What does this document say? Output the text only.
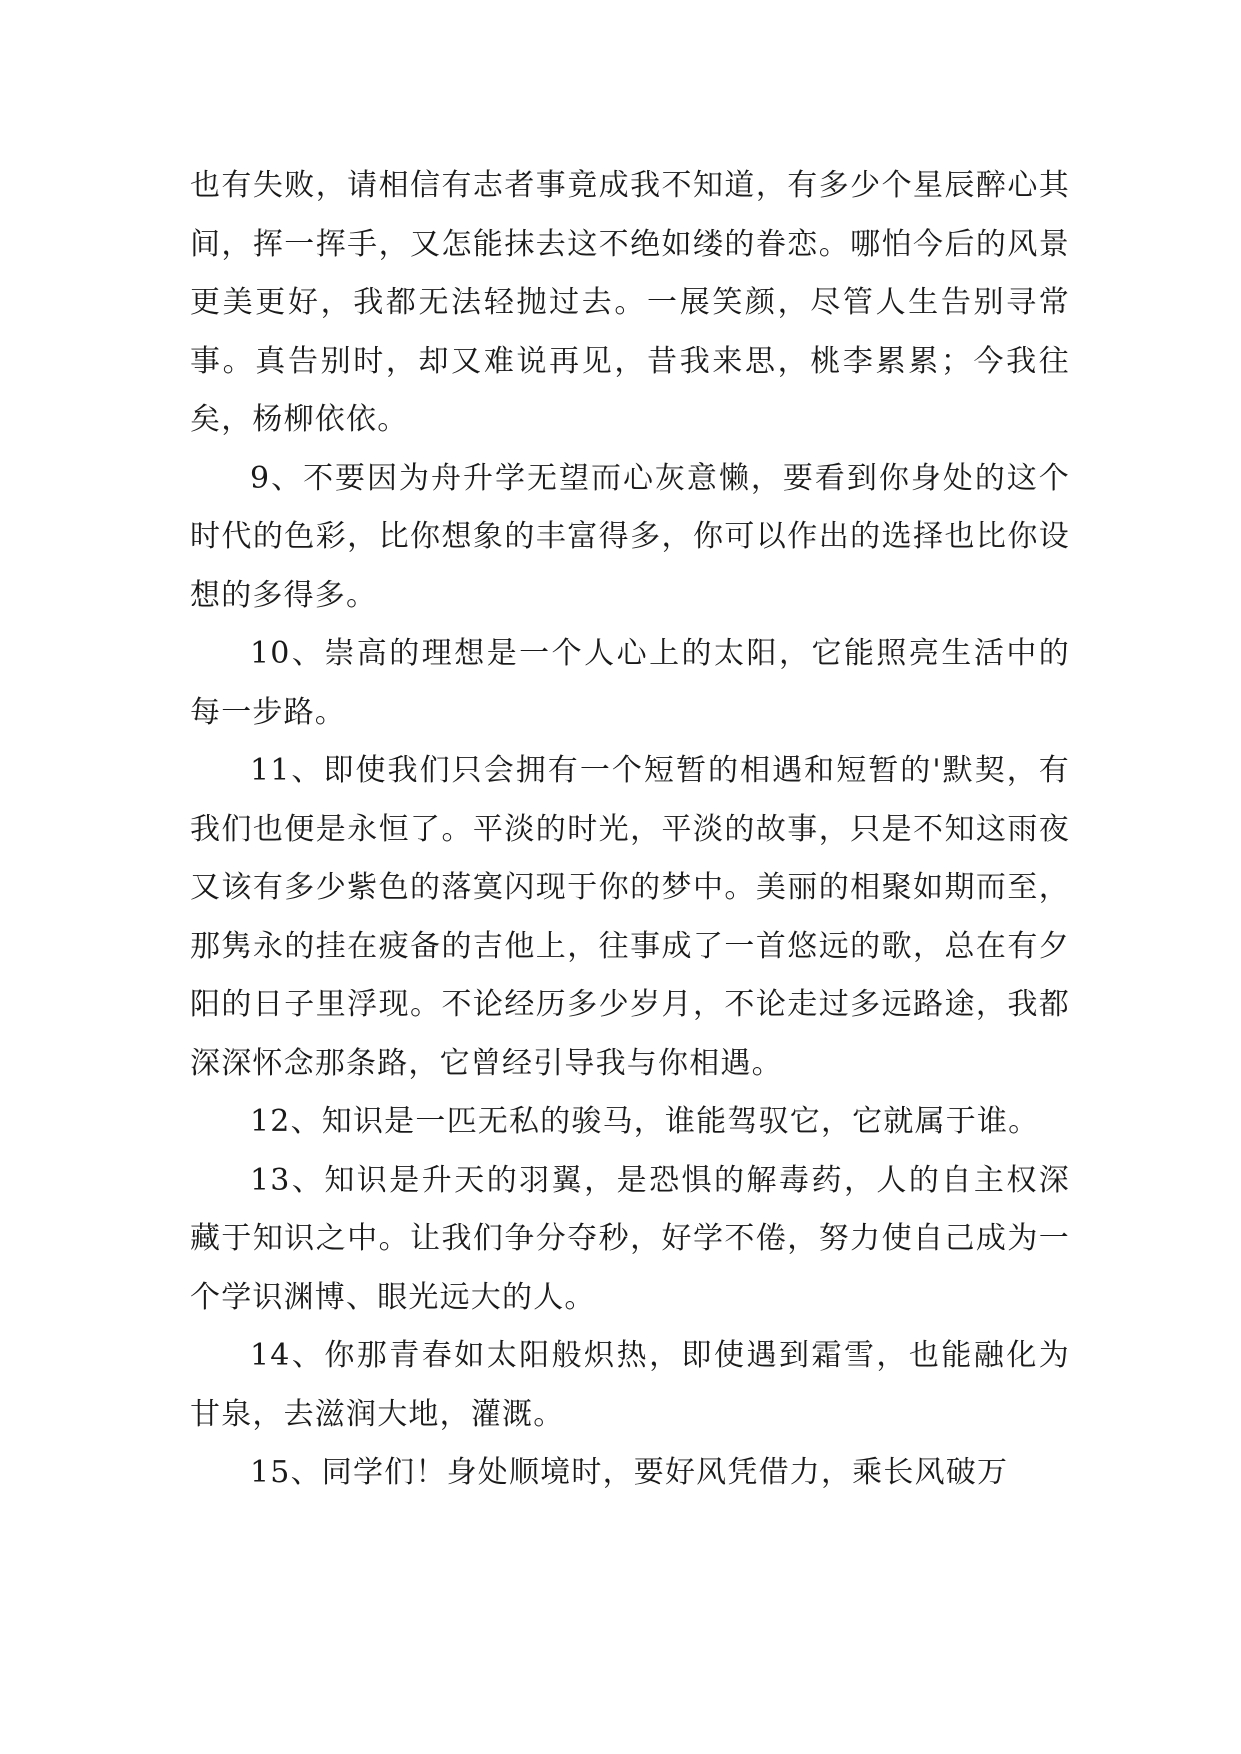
也有失败，请相信有志者事竟成我不知道，有多少个星辰醉心其间，挥一挥手，又怎能抹去这不绝如缕的眷恋。哪怕今后的风景更美更好，我都无法轻抛过去。一展笑颜，尽管人生告别寻常事。真告别时，却又难说再见，昔我来思，桃李累累；今我往矣，杨柳依依。

9、不要因为舟升学无望而心灰意懒，要看到你身处的这个时代的色彩，比你想象的丰富得多，你可以作出的选择也比你设想的多得多。

10、崇高的理想是一个人心上的太阳，它能照亮生活中的每一步路。

11、即使我们只会拥有一个短暂的相遇和短暂的'默契，有我们也便是永恒了。平淡的时光，平淡的故事，只是不知这雨夜又该有多少紫色的落寞闪现于你的梦中。美丽的相聚如期而至，那隽永的挂在疲备的吉他上，往事成了一首悠远的歌，总在有夕阳的日子里浮现。不论经历多少岁月，不论走过多远路途，我都深深怀念那条路，它曾经引导我与你相遇。

12、知识是一匹无私的骏马，谁能驾驭它，它就属于谁。

13、知识是升天的羽翼，是恐惧的解毒药，人的自主权深藏于知识之中。让我们争分夺秒，好学不倦，努力使自己成为一个学识渊博、眼光远大的人。

14、你那青春如太阳般炽热，即使遇到霜雪，也能融化为甘泉，去滋润大地，灌溉。

15、同学们！身处顺境时，要好风凭借力，乘长风破万
